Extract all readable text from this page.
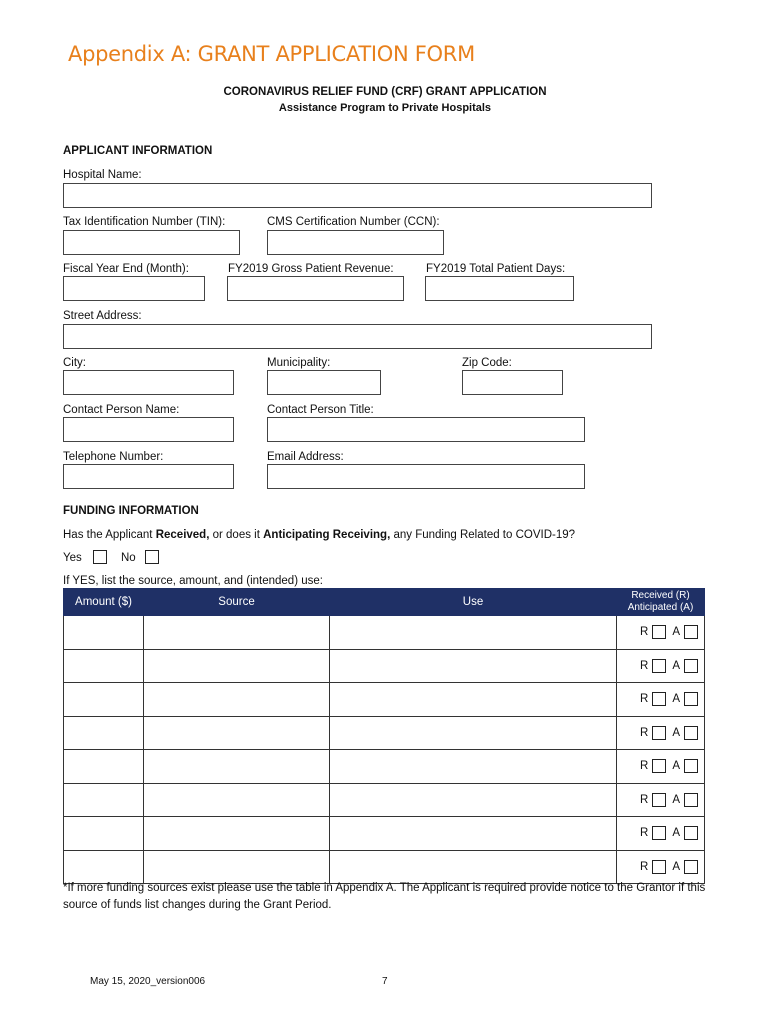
Appendix A: GRANT APPLICATION FORM
CORONAVIRUS RELIEF FUND (CRF) GRANT APPLICATION
Assistance Program to Private Hospitals
APPLICANT INFORMATION
Hospital Name:
Tax Identification Number (TIN):	CMS Certification Number (CCN):
Fiscal Year End (Month):	FY2019 Gross Patient Revenue:	FY2019 Total Patient Days:
Street Address:
City:	Municipality:	Zip Code:
Contact Person Name:	Contact Person Title:
Telephone Number:	Email Address:
FUNDING INFORMATION
Has the Applicant Received, or does it Anticipating Receiving, any Funding Related to COVID-19?
Yes	No
If YES, list the source, amount, and (intended) use:
Amount ($)	Source	Use	Received (R)
Anticipated (A)
			R A
			R A
			R A
			R A
			R A
			R A
			R A
			R A
*If more funding sources exist please use the table in Appendix A. The Applicant is required provide notice to the Grantor if this source of funds list changes during the Grant Period.
May 15, 2020_version006	7
